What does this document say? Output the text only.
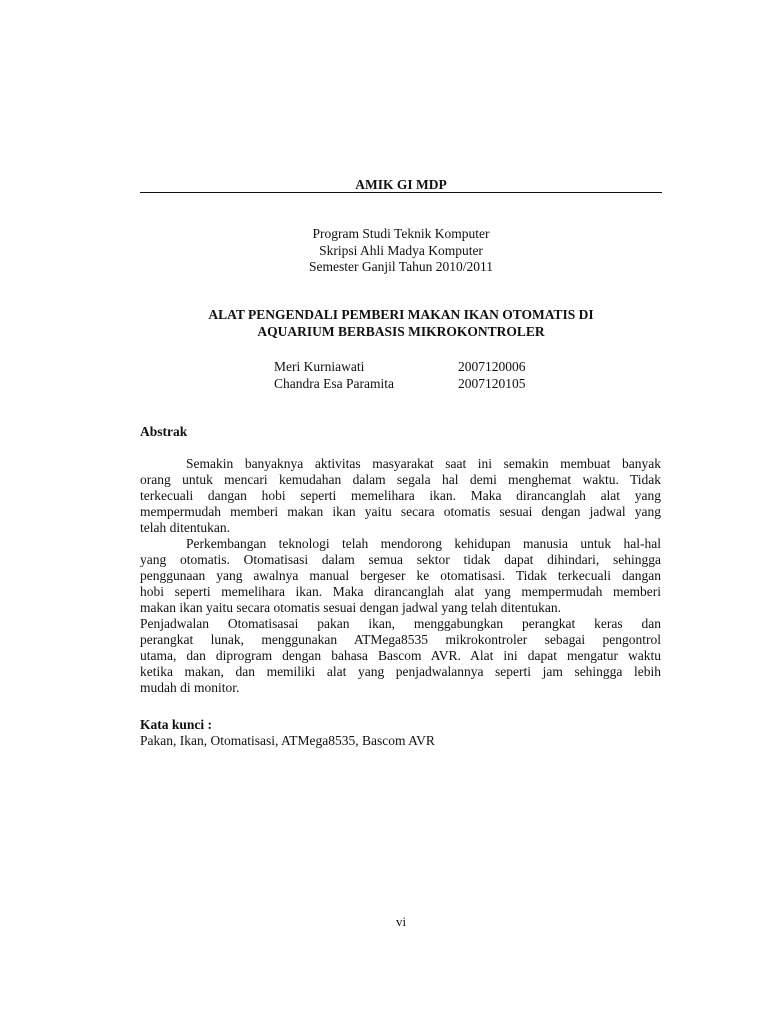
AMIK GI MDP
Program Studi Teknik Komputer
Skripsi Ahli Madya Komputer
Semester Ganjil Tahun 2010/2011
ALAT PENGENDALI PEMBERI MAKAN IKAN OTOMATIS DI
AQUARIUM BERBASIS MIKROKONTROLER
Meri Kurniawati	2007120006
Chandra Esa Paramita	2007120105
Abstrak
Semakin banyaknya aktivitas masyarakat saat ini semakin membuat banyak
orang untuk mencari kemudahan dalam segala hal demi menghemat waktu. Tidak
terkecuali dangan hobi seperti memelihara ikan. Maka dirancanglah alat yang
mempermudah memberi makan ikan yaitu secara otomatis sesuai dengan jadwal yang
telah ditentukan.
Perkembangan teknologi telah mendorong kehidupan manusia untuk hal-hal
yang otomatis. Otomatisasi dalam semua sektor tidak dapat dihindari, sehingga
penggunaan yang awalnya manual bergeser ke otomatisasi. Tidak terkecuali dangan
hobi seperti memelihara ikan. Maka dirancanglah alat yang mempermudah memberi
makan ikan yaitu secara otomatis sesuai dengan jadwal yang telah ditentukan.
Penjadwalan Otomatisasai pakan ikan, menggabungkan perangkat keras dan
perangkat lunak, menggunakan ATMega8535 mikrokontroler sebagai pengontrol
utama, dan diprogram dengan bahasa Bascom AVR. Alat ini dapat mengatur waktu
ketika makan, dan memiliki alat yang penjadwalannya seperti jam sehingga lebih
mudah di monitor.
Kata kunci :
Pakan, Ikan, Otomatisasi, ATMega8535, Bascom AVR
vi
